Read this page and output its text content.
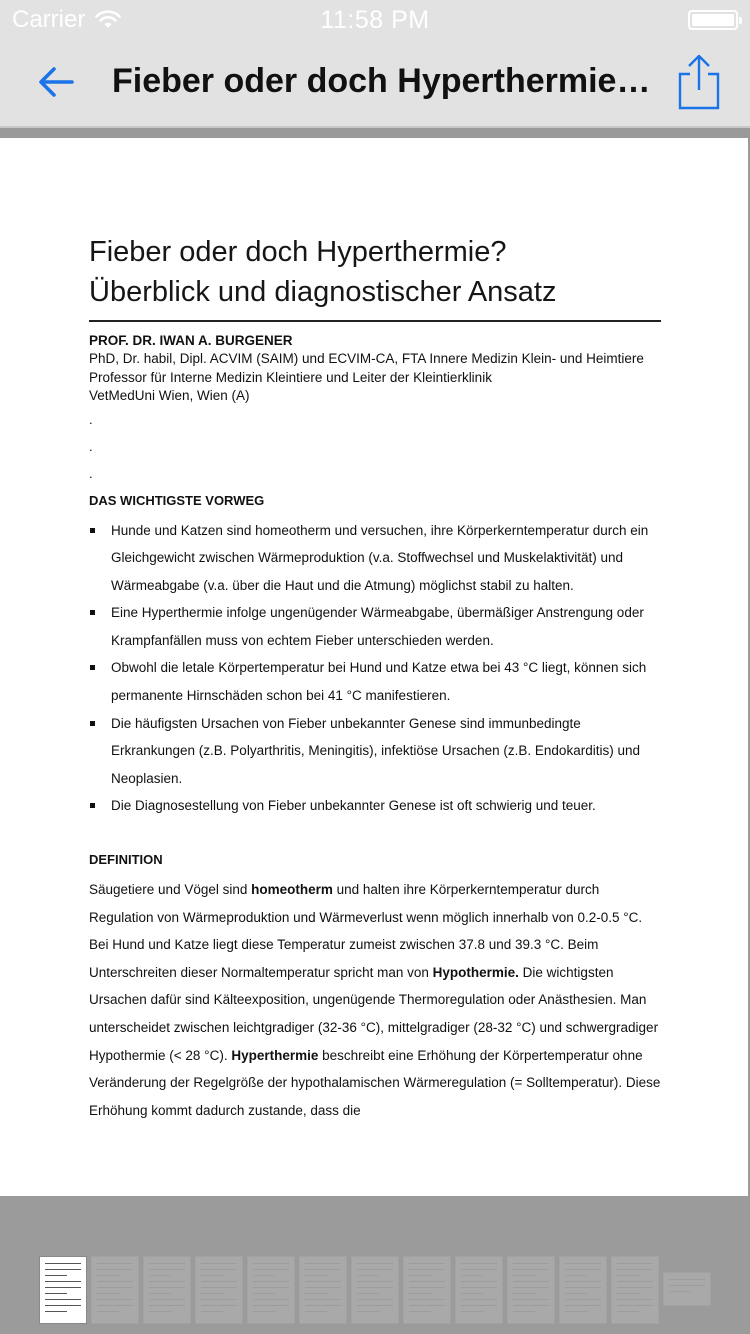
Carrier	11:58 PM
Fieber oder doch Hyperthermie…
Fieber oder doch Hyperthermie?
Überblick und diagnostischer Ansatz
PROF. DR. IWAN A. BURGENER
PhD, Dr. habil, Dipl. ACVIM (SAIM) und ECVIM-CA, FTA Innere Medizin Klein- und Heimtiere
Professor für Interne Medizin Kleintiere und Leiter der Kleintierklinik
VetMedUni Wien, Wien (A)
.
.
.
DAS WICHTIGSTE VORWEG
Hunde und Katzen sind homeotherm und versuchen, ihre Körperkerntemperatur durch ein Gleichgewicht zwischen Wärmeproduktion (v.a. Stoffwechsel und Muskelaktivität) und Wärmeabgabe (v.a. über die Haut und die Atmung) möglichst stabil zu halten.
Eine Hyperthermie infolge ungenügender Wärmeabgabe, übermäßiger Anstrengung oder Krampfanfällen muss von echtem Fieber unterschieden werden.
Obwohl die letale Körpertemperatur bei Hund und Katze etwa bei 43 °C liegt, können sich permanente Hirnschäden schon bei 41 °C manifestieren.
Die häufigsten Ursachen von Fieber unbekannter Genese sind immunbedingte Erkrankungen (z.B. Polyarthritis, Meningitis), infektiöse Ursachen (z.B. Endokarditis) und Neoplasien.
Die Diagnosestellung von Fieber unbekannter Genese ist oft schwierig und teuer.
DEFINITION

Säugetiere und Vögel sind homeotherm und halten ihre Körperkerntemperatur durch Regulation von Wärmeproduktion und Wärmeverlust wenn möglich innerhalb von 0.2-0.5 °C. Bei Hund und Katze liegt diese Temperatur zumeist zwischen 37.8 und 39.3 °C. Beim Unterschreiten dieser Normaltemperatur spricht man von Hypothermie. Die wichtigsten Ursachen dafür sind Kälteexposition, ungenügende Thermoregulation oder Anästhesien. Man unterscheidet zwischen leichtgradiger (32-36 °C), mittelgradiger (28-32 °C) und schwergradiger Hypothermie (< 28 °C). Hyperthermie beschreibt eine Erhöhung der Körpertemperatur ohne Veränderung der Regelgröße der hypothalamischen Wärmeregulation (= Solltemperatur). Diese Erhöhung kommt dadurch zustande, dass die
